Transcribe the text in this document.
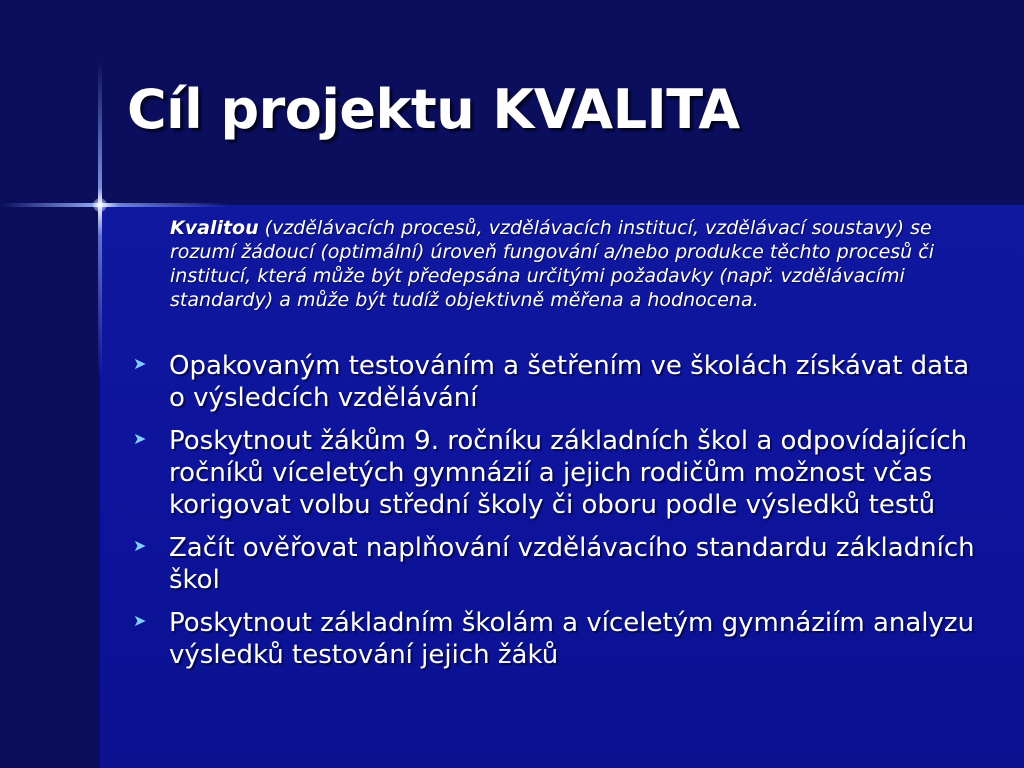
Cíl projektu KVALITA

Kvalitou (vzdělávacích procesů, vzdělávacích institucí, vzdělávací soustavy) se rozumí žádoucí (optimální) úroveň fungování a/nebo produkce těchto procesů či institucí, která může být předepsána určitými požadavky (např. vzdělávacími standardy) a může být tudíž objektivně měřena a hodnocena.

➤ Opakovaným testováním a šetřením ve školách získávat data o výsledcích vzdělávání
➤ Poskytnout žákům 9. ročníku základních škol a odpovídajících ročníků víceletých gymnázií a jejich rodičům možnost včas korigovat volbu střední školy či oboru podle výsledků testů
➤ Začít ověřovat naplňování vzdělávacího standardu základních škol
➤ Poskytnout základním školám a víceletým gymnáziím analyzu výsledků testování jejich žáků
